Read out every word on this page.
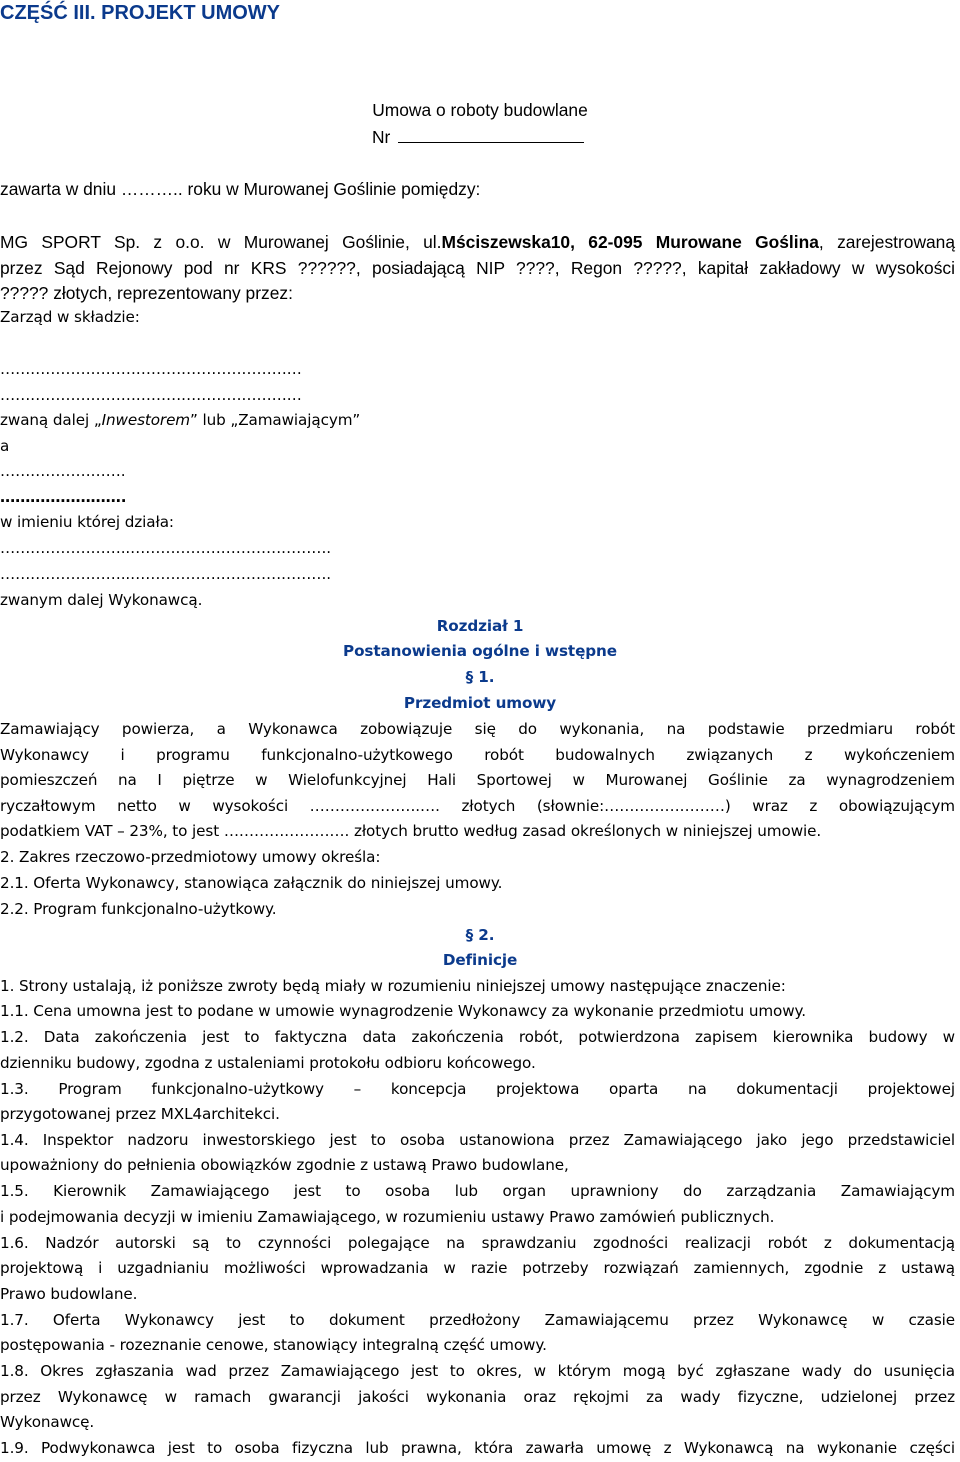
CZĘŚĆ III. PROJEKT UMOWY
Umowa o roboty budowlane
Nr
zawarta w dniu ……….. roku w Murowanej Goślinie pomiędzy:
MG SPORT Sp. z o.o. w Murowanej Goślinie, ul.Mściszewska10, 62-095 Murowane Goślina, zarejestrowaną
przez Sąd Rejonowy pod nr KRS ??????, posiadającą NIP ????, Regon ?????, kapitał zakładowy w wysokości
????? złotych, reprezentowany przez:
Zarząd w składzie:
……………………………………………………
……………………………………………………
zwaną dalej „Inwestorem” lub „Zamawiającym”
a
…………………….
…………………….
w imieniu której działa:
……………………..………………………………….
……………………..………………………………….
zwanym dalej Wykonawcą.
Rozdział 1
Postanowienia ogólne i wstępne
§ 1.
Przedmiot umowy
Zamawiający powierza, a Wykonawca zobowiązuje się do wykonania, na podstawie przedmiaru robót
Wykonawcy i programu funkcjonalno-użytkowego robót budowalnych związanych z wykończeniem
pomieszczeń na I piętrze w Wielofunkcyjnej Hali Sportowej w Murowanej Goślinie za wynagrodzeniem
ryczałtowym netto w wysokości ………………….…. złotych (słownie:……………………) wraz z obowiązującym
podatkiem VAT – 23%, to jest ……………………. złotych brutto według zasad określonych w niniejszej umowie.
2. Zakres rzeczowo-przedmiotowy umowy określa:
2.1. Oferta Wykonawcy, stanowiąca załącznik do niniejszej umowy.
2.2. Program funkcjonalno-użytkowy.
§ 2.
Definicje
1. Strony ustalają, iż poniższe zwroty będą miały w rozumieniu niniejszej umowy następujące znaczenie:
1.1. Cena umowna jest to podane w umowie wynagrodzenie Wykonawcy za wykonanie przedmiotu umowy.
1.2. Data zakończenia jest to faktyczna data zakończenia robót, potwierdzona zapisem kierownika budowy w
dzienniku budowy, zgodna z ustaleniami protokołu odbioru końcowego.
1.3. Program funkcjonalno-użytkowy – koncepcja projektowa oparta na dokumentacji projektowej
przygotowanej przez MXL4architekci.
1.4. Inspektor nadzoru inwestorskiego jest to osoba ustanowiona przez Zamawiającego jako jego przedstawiciel
upoważniony do pełnienia obowiązków zgodnie z ustawą Prawo budowlane,
1.5. Kierownik Zamawiającego jest to osoba lub organ uprawniony do zarządzania Zamawiającym
i podejmowania decyzji w imieniu Zamawiającego, w rozumieniu ustawy Prawo zamówień publicznych.
1.6. Nadzór autorski są to czynności polegające na sprawdzaniu zgodności realizacji robót z dokumentacją
projektową i uzgadnianiu możliwości wprowadzania w razie potrzeby rozwiązań zamiennych, zgodnie z ustawą
Prawo budowlane.
1.7. Oferta Wykonawcy jest to dokument przedłożony Zamawiającemu przez Wykonawcę w czasie
postępowania - rozeznanie cenowe, stanowiący integralną część umowy.
1.8. Okres zgłaszania wad przez Zamawiającego jest to okres, w którym mogą być zgłaszane wady do usunięcia
przez Wykonawcę w ramach gwarancji jakości wykonania oraz rękojmi za wady fizyczne, udzielonej przez
Wykonawcę.
1.9. Podwykonawca jest to osoba fizyczna lub prawna, która zawarła umowę z Wykonawcą na wykonanie części
